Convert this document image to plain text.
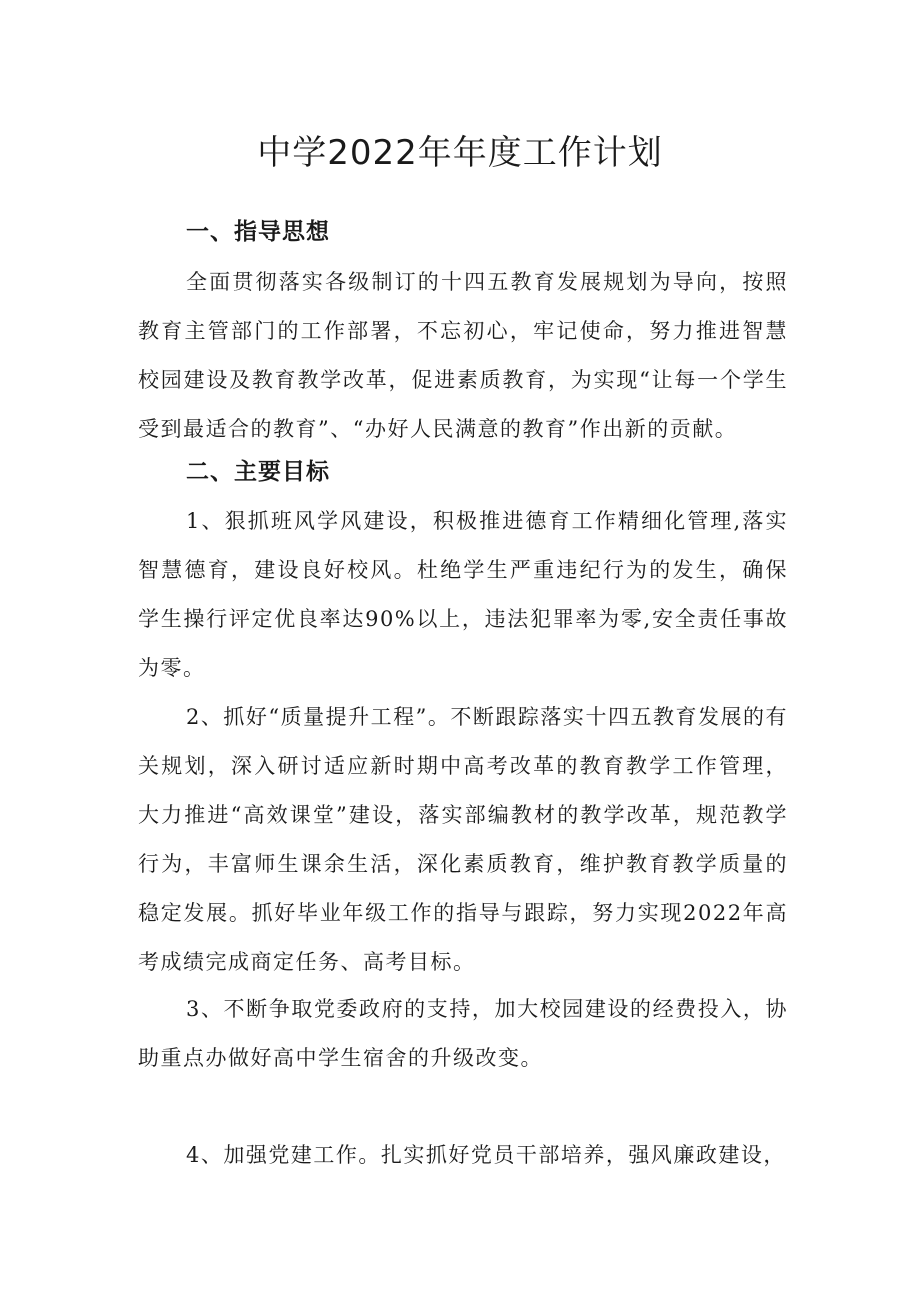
中学2022年年度工作计划
一、指导思想

全面贯彻落实各级制订的十四五教育发展规划为导向，按照教育主管部门的工作部署，不忘初心，牢记使命，努力推进智慧校园建设及教育教学改革，促进素质教育，为实现“让每一个学生受到最适合的教育”、“办好人民满意的教育”作出新的贡献。

二、主要目标

1、狠抓班风学风建设，积极推进德育工作精细化管理,落实智慧德育，建设良好校风。杜绝学生严重违纪行为的发生，确保学生操行评定优良率达90%以上，违法犯罪率为零,安全责任事故为零。

2、抓好“质量提升工程”。不断跟踪落实十四五教育发展的有关规划，深入研讨适应新时期中高考改革的教育教学工作管理，大力推进“高效课堂”建设，落实部编教材的教学改革，规范教学行为，丰富师生课余生活，深化素质教育，维护教育教学质量的稳定发展。抓好毕业年级工作的指导与跟踪，努力实现2022年高考成绩完成商定任务、高考目标。

3、不断争取党委政府的支持，加大校园建设的经费投入，协助重点办做好高中学生宿舍的升级改变。

4、加强党建工作。扎实抓好党员干部培养，强风廉政建设，
